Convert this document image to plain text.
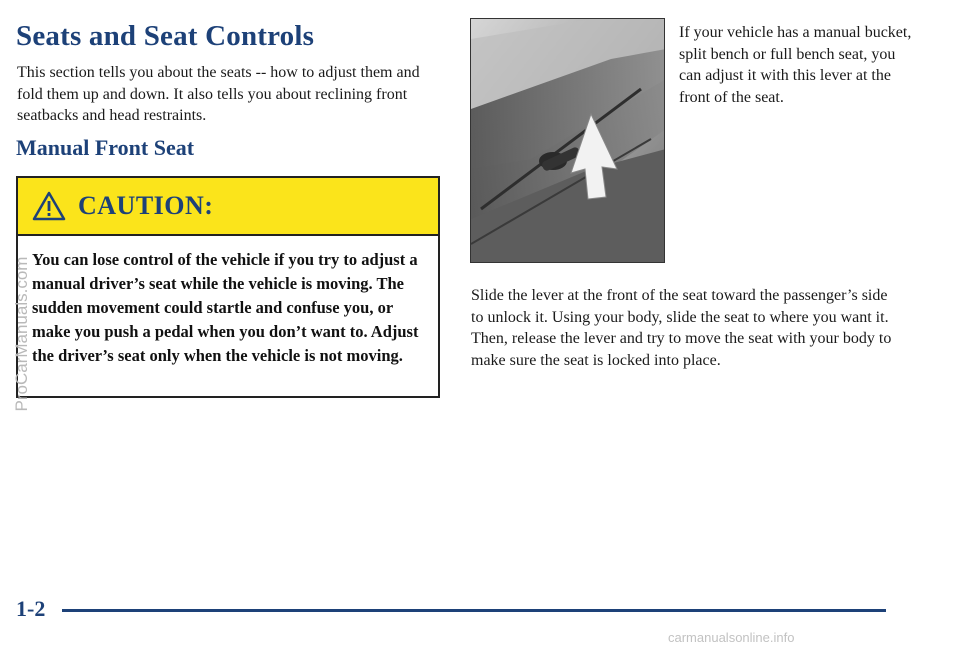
Seats and Seat Controls

This section tells you about the seats -- how to adjust them and fold them up and down. It also tells you about reclining front seatbacks and head restraints.

Manual Front Seat
CAUTION:

You can lose control of the vehicle if you try to adjust a manual driver’s seat while the vehicle is moving. The sudden movement could startle and confuse you, or make you push a pedal when you don’t want to. Adjust the driver’s seat only when the vehicle is not moving.

If your vehicle has a manual bucket, split bench or full bench seat, you can adjust it with this lever at the front of the seat.

Slide the lever at the front of the seat toward the passenger’s side to unlock it. Using your body, slide the seat to where you want it. Then, release the lever and try to move the seat with your body to make sure the seat is locked into place.

1-2
ProCarManuals.com
carmanualsonline.info
